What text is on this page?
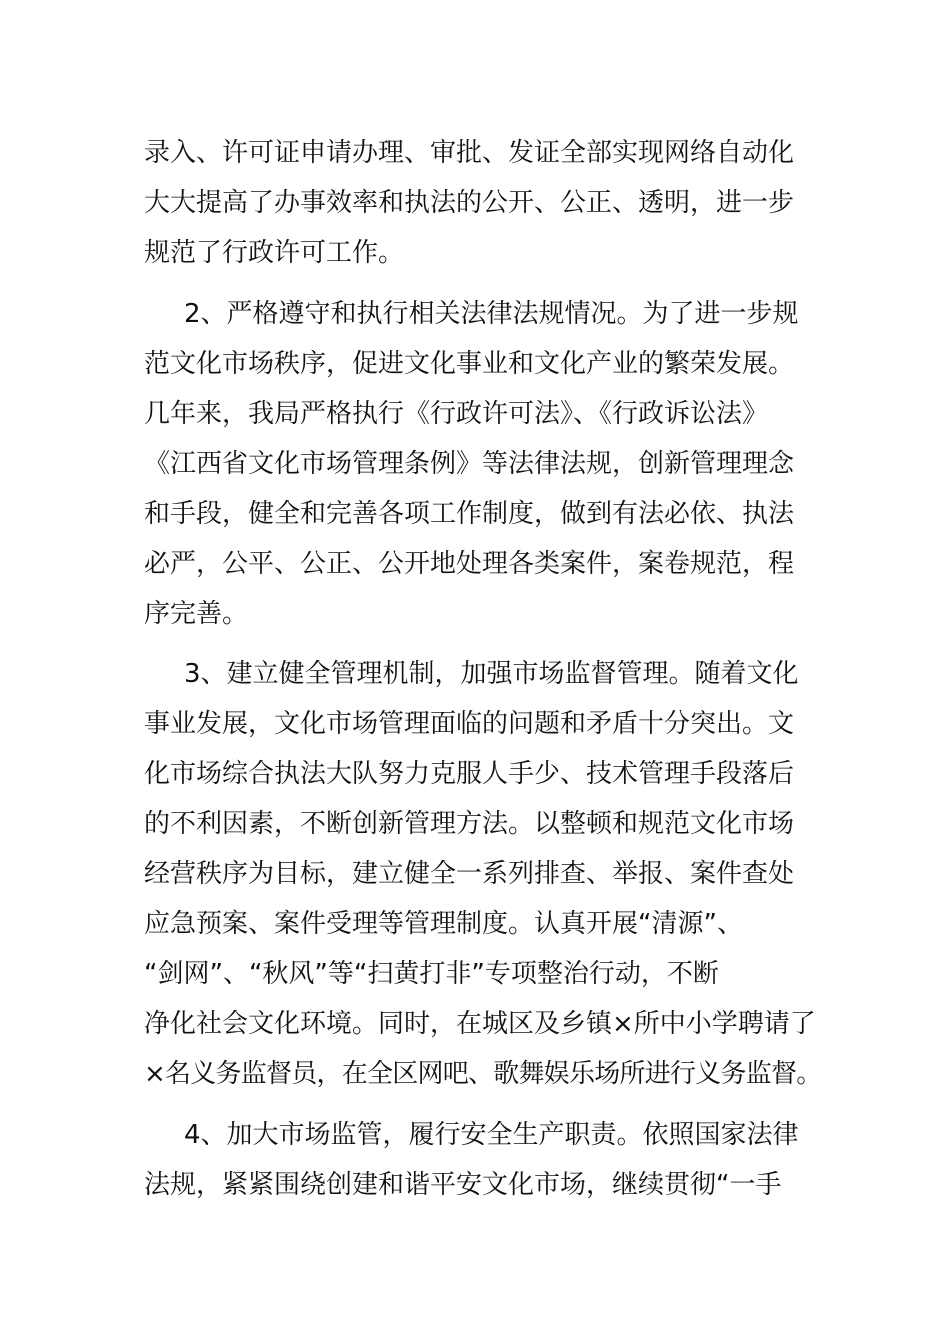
录入、许可证申请办理、审批、发证全部实现网络自动化
大大提高了办事效率和执法的公开、公正、透明，进一步
规范了行政许可工作。
2、严格遵守和执行相关法律法规情况。为了进一步规
范文化市场秩序，促进文化事业和文化产业的繁荣发展。
几年来，我局严格执行《行政许可法》、《行政诉讼法》
《江西省文化市场管理条例》等法律法规，创新管理理念
和手段，健全和完善各项工作制度，做到有法必依、执法
必严，公平、公正、公开地处理各类案件，案卷规范，程
序完善。
3、建立健全管理机制，加强市场监督管理。随着文化
事业发展，文化市场管理面临的问题和矛盾十分突出。文
化市场综合执法大队努力克服人手少、技术管理手段落后
的不利因素，不断创新管理方法。以整顿和规范文化市场
经营秩序为目标，建立健全一系列排查、举报、案件查处
应急预案、案件受理等管理制度。认真开展“清源”、
“剑网”、“秋风”等“扫黄打非”专项整治行动，不断
净化社会文化环境。同时，在城区及乡镇×所中小学聘请了
×名义务监督员，在全区网吧、歌舞娱乐场所进行义务监督。
4、加大市场监管，履行安全生产职责。依照国家法律
法规，紧紧围绕创建和谐平安文化市场，继续贯彻“一手
